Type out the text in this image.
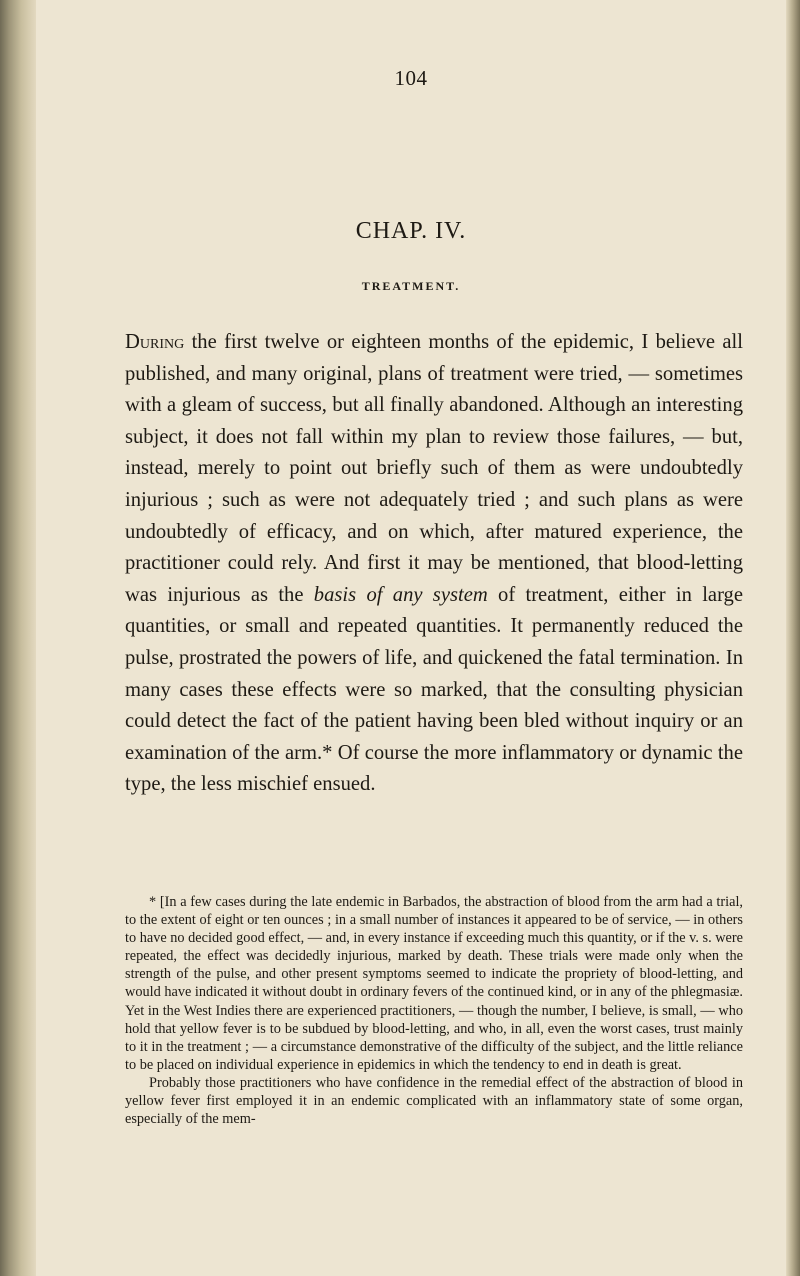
104
CHAP. IV.
TREATMENT.

During the first twelve or eighteen months of the epidemic, I believe all published, and many original, plans of treatment were tried, — sometimes with a gleam of success, but all finally abandoned. Although an interesting subject, it does not fall within my plan to review those failures, — but, instead, merely to point out briefly such of them as were undoubtedly injurious ; such as were not adequately tried ; and such plans as were undoubtedly of efficacy, and on which, after matured experience, the practitioner could rely. And first it may be mentioned, that blood-letting was injurious as the basis of any system of treatment, either in large quantities, or small and repeated quantities. It permanently reduced the pulse, prostrated the powers of life, and quickened the fatal termination. In many cases these effects were so marked, that the consulting physician could detect the fact of the patient having been bled without inquiry or an examination of the arm.* Of course the more inflammatory or dynamic the type, the less mischief ensued.

* [In a few cases during the late endemic in Barbados, the abstraction of blood from the arm had a trial, to the extent of eight or ten ounces ; in a small number of instances it appeared to be of service, — in others to have no decided good effect, — and, in every instance if exceeding much this quantity, or if the v. s. were repeated, the effect was decidedly injurious, marked by death. These trials were made only when the strength of the pulse, and other present symptoms seemed to indicate the propriety of blood-letting, and would have indicated it without doubt in ordinary fevers of the continued kind, or in any of the phlegmasiæ. Yet in the West Indies there are experienced practitioners, — though the number, I believe, is small, — who hold that yellow fever is to be subdued by blood-letting, and who, in all, even the worst cases, trust mainly to it in the treatment ; — a circumstance demonstrative of the difficulty of the subject, and the little reliance to be placed on individual experience in epidemics in which the tendency to end in death is great.

Probably those practitioners who have confidence in the remedial effect of the abstraction of blood in yellow fever first employed it in an endemic complicated with an inflammatory state of some organ, especially of the mem-
